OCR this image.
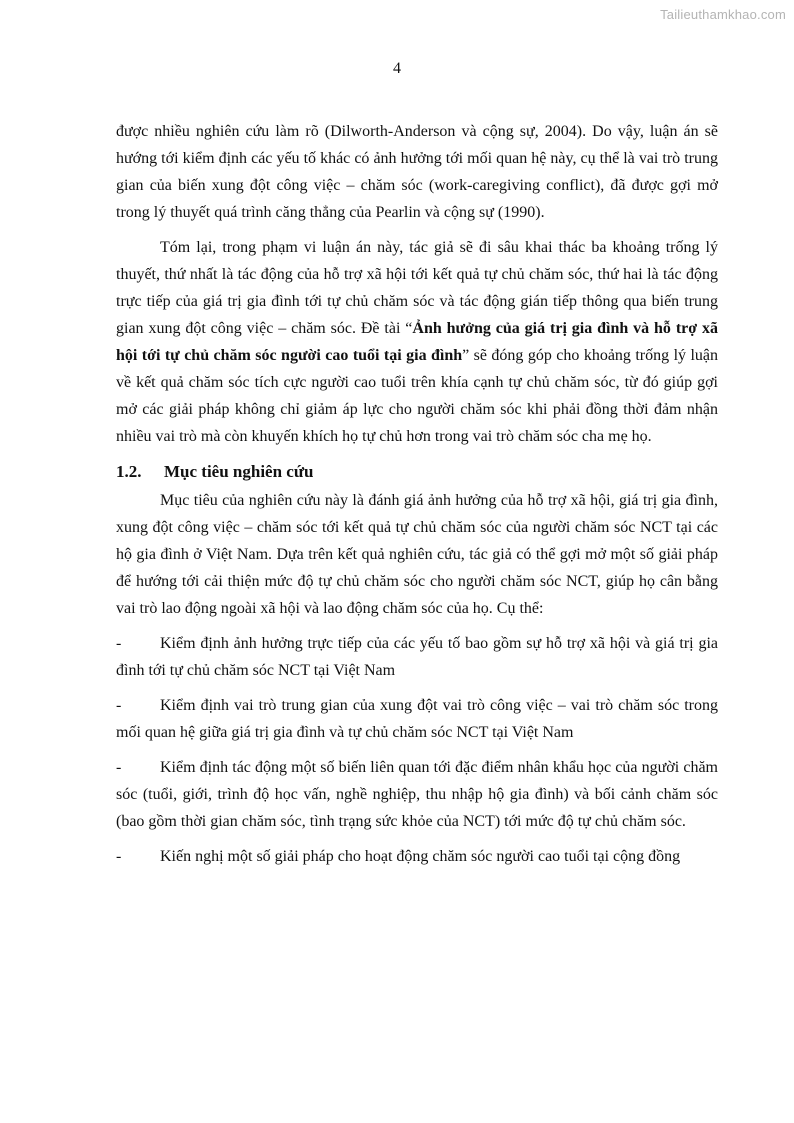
Tailieuthamkhao.com
4

được nhiều nghiên cứu làm rõ (Dilworth-Anderson và cộng sự, 2004). Do vậy, luận án sẽ hướng tới kiểm định các yếu tố khác có ảnh hưởng tới mối quan hệ này, cụ thể là vai trò trung gian của biến xung đột công việc – chăm sóc (work-caregiving conflict), đã được gợi mở trong lý thuyết quá trình căng thẳng của Pearlin và cộng sự (1990).

Tóm lại, trong phạm vi luận án này, tác giả sẽ đi sâu khai thác ba khoảng trống lý thuyết, thứ nhất là tác động của hỗ trợ xã hội tới kết quả tự chủ chăm sóc, thứ hai là tác động trực tiếp của giá trị gia đình tới tự chủ chăm sóc và tác động gián tiếp thông qua biến trung gian xung đột công việc – chăm sóc. Đề tài “Ảnh hưởng của giá trị gia đình và hỗ trợ xã hội tới tự chủ chăm sóc người cao tuổi tại gia đình” sẽ đóng góp cho khoảng trống lý luận về kết quả chăm sóc tích cực người cao tuổi trên khía cạnh tự chủ chăm sóc, từ đó giúp gợi mở các giải pháp không chỉ giảm áp lực cho người chăm sóc khi phải đồng thời đảm nhận nhiều vai trò mà còn khuyến khích họ tự chủ hơn trong vai trò chăm sóc cha mẹ họ.

1.2.	Mục tiêu nghiên cứu

Mục tiêu của nghiên cứu này là đánh giá ảnh hưởng của hỗ trợ xã hội, giá trị gia đình, xung đột công việc – chăm sóc tới kết quả tự chủ chăm sóc của người chăm sóc NCT tại các hộ gia đình ở Việt Nam. Dựa trên kết quả nghiên cứu, tác giả có thể gợi mở một số giải pháp để hướng tới cải thiện mức độ tự chủ chăm sóc cho người chăm sóc NCT, giúp họ cân bằng vai trò lao động ngoài xã hội và lao động chăm sóc của họ. Cụ thể:

- Kiểm định ảnh hưởng trực tiếp của các yếu tố bao gồm sự hỗ trợ xã hội và giá trị gia đình tới tự chủ chăm sóc NCT tại Việt Nam
- Kiểm định vai trò trung gian của xung đột vai trò công việc – vai trò chăm sóc trong mối quan hệ giữa giá trị gia đình và tự chủ chăm sóc NCT tại Việt Nam
- Kiểm định tác động một số biến liên quan tới đặc điểm nhân khẩu học của người chăm sóc (tuổi, giới, trình độ học vấn, nghề nghiệp, thu nhập hộ gia đình) và bối cảnh chăm sóc (bao gồm thời gian chăm sóc, tình trạng sức khỏe của NCT) tới mức độ tự chủ chăm sóc.
- Kiến nghị một số giải pháp cho hoạt động chăm sóc người cao tuổi tại cộng đồng
